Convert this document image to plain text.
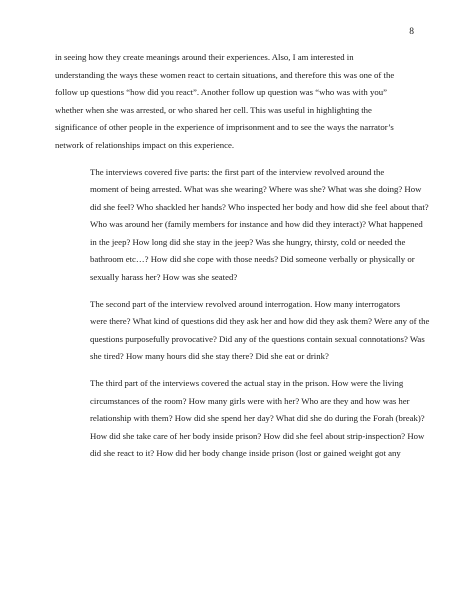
8

in seeing how they create meanings around their experiences. Also, I am interested in
understanding the ways these women react to certain situations, and therefore this was one of the
follow up questions “how did you react”. Another follow up question was “who was with you”
whether when she was arrested, or who shared her cell. This was useful in highlighting the
significance of other people in the experience of imprisonment and to see the ways the narrator’s
network of relationships impact on this experience.

The interviews covered five parts: the first part of the interview revolved around the
moment of being arrested. What was she wearing? Where was she? What was she doing? How
did she feel? Who shackled her hands? Who inspected her body and how did she feel about that?
Who was around her (family members for instance and how did they interact)? What happened
in the jeep? How long did she stay in the jeep? Was she hungry, thirsty, cold or needed the
bathroom etc…? How did she cope with those needs? Did someone verbally or physically or
sexually harass her? How was she seated?

The second part of the interview revolved around interrogation. How many interrogators
were there? What kind of questions did they ask her and how did they ask them? Were any of the
questions purposefully provocative? Did any of the questions contain sexual connotations? Was
she tired? How many hours did she stay there? Did she eat or drink?

The third part of the interviews covered the actual stay in the prison. How were the living
circumstances of the room? How many girls were with her? Who are they and how was her
relationship with them? How did she spend her day? What did she do during the Forah (break)?
How did she take care of her body inside prison? How did she feel about strip-inspection? How
did she react to it? How did her body change inside prison (lost or gained weight got any
